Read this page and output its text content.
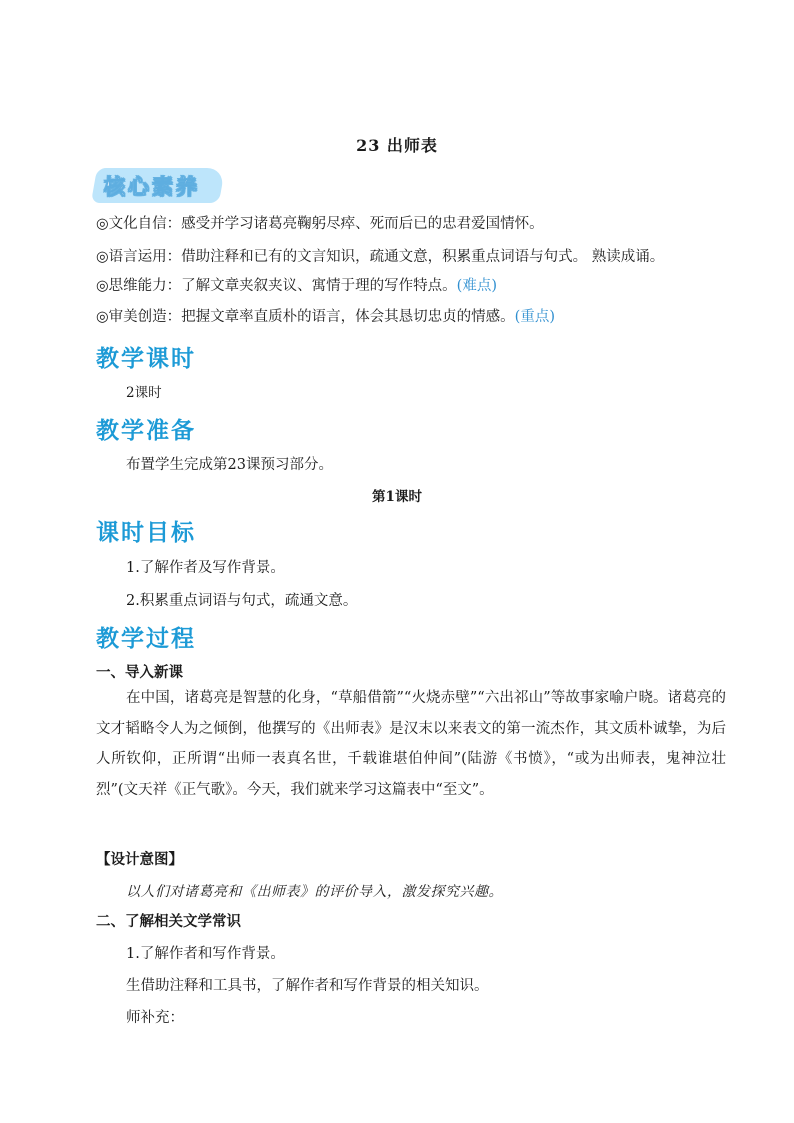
23 出师表
核心素养
◎文化自信：感受并学习诸葛亮鞠躬尽瘁、死而后已的忠君爱国情怀。
◎语言运用：借助注释和已有的文言知识，疏通文意，积累重点词语与句式。 熟读成诵。
◎思维能力：了解文章夹叙夹议、寓情于理的写作特点。(难点)
◎审美创造：把握文章率直质朴的语言，体会其恳切忠贞的情感。(重点)
教学课时
2课时
教学准备
布置学生完成第23课预习部分。
第1课时
课时目标
1.了解作者及写作背景。
2.积累重点词语与句式，疏通文意。
教学过程
一、导入新课
在中国，诸葛亮是智慧的化身，“草船借箭”“火烧赤壁”“六出祁山”等故事家喻户晓。诸葛亮的文才韬略令人为之倾倒，他撰写的《出师表》是汉末以来表文的第一流杰作，其文质朴诚挚，为后人所钦仰，正所谓“出师一表真名世，千载谁堪伯仲间”(陆游《书愤》，“或为出师表，鬼神泣壮烈”(文天祥《正气歌》。今天，我们就来学习这篇表中“至文”。
【设计意图】
以人们对诸葛亮和《出师表》的评价导入，激发探究兴趣。
二、了解相关文学常识
1.了解作者和写作背景。
生借助注释和工具书，了解作者和写作背景的相关知识。
师补充：
